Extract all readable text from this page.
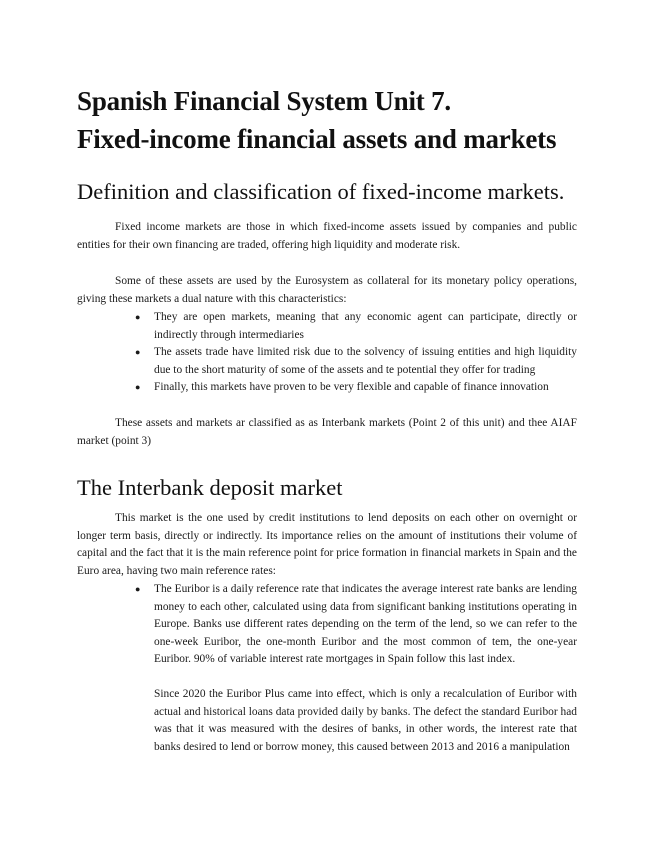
Spanish Financial System Unit 7.
Fixed-income financial assets and markets
Definition and classification of fixed-income markets.

Fixed income markets are those in which fixed-income assets issued by companies and public entities for their own financing are traded, offering high liquidity and moderate risk.

Some of these assets are used by the Eurosystem as collateral for its monetary policy operations, giving these markets a dual nature with this characteristics:

● They are open markets, meaning that any economic agent can participate, directly or indirectly through intermediaries
● The assets trade have limited risk due to the solvency of issuing entities and high liquidity due to the short maturity of some of the assets and te potential they offer for trading
● Finally, this markets have proven to be very flexible and capable of finance innovation

These assets and markets ar classified as as Interbank markets (Point 2 of this unit) and thee AIAF market (point 3)

The Interbank deposit market

This market is the one used by credit institutions to lend deposits on each other on overnight or longer term basis, directly or indirectly. Its importance relies on the amount of institutions their volume of capital and the fact that it is the main reference point for price formation in financial markets in Spain and the Euro area, having two main reference rates:

● The Euribor is a daily reference rate that indicates the average interest rate banks are lending money to each other, calculated using data from significant banking institutions operating in Europe. Banks use different rates depending on the term of the lend, so we can refer to the one-week Euribor, the one-month Euribor and the most common of tem, the one-year Euribor. 90% of variable interest rate mortgages in Spain follow this last index.

Since 2020 the Euribor Plus came into effect, which is only a recalculation of Euribor with actual and historical loans data provided daily by banks. The defect the standard Euribor had was that it was measured with the desires of banks, in other words, the interest rate that banks desired to lend or borrow money, this caused between 2013 and 2016 a manipulation
